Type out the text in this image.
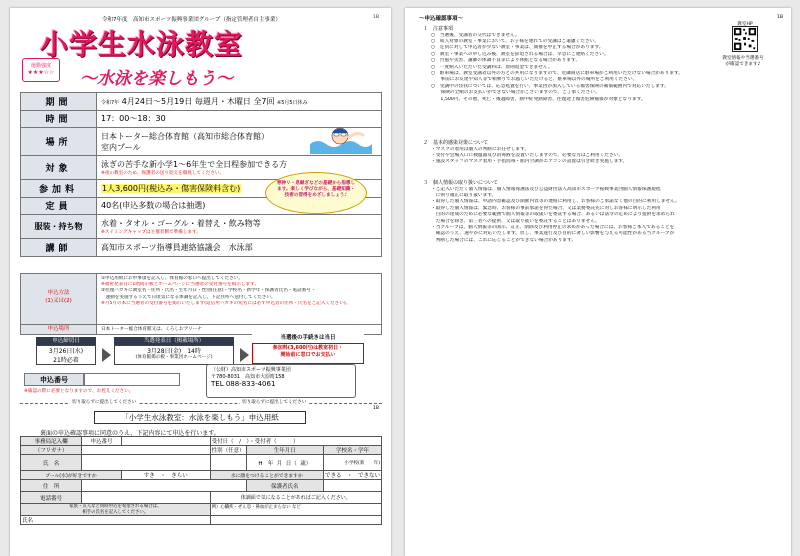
令和7年度　高知市スポーツ振興事業団グループ（指定管理者自主事業）	1B
小学生水泳教室
運動強度
★★★☆☆ ～水泳を楽しもう～
期間	令和7年 4月24日～5月19日 毎週月・木曜日 全7回 ※5月5日休み
時間	17：00～18：30
場所	日本トーター総合体育館（高知市総合体育館）
室内プール

対象	泳ぎの苦手な新小学1～6年生で全日程参加できる方
※夜の教室のため、保護者の送り迎えを徹底してください。

参加料	1人3,600円(税込み・傷害保険料含む)
定員	40名(申込多数の場合は抽選)
服装・持ち物	水着・タオル・ゴーグル・着替え・飲み物等
※スイミングキャップは主催者側で準備します。

講師	高知市スポーツ指導員連絡協議会　水泳部
寒神リ・息継ぎなどの基礎から指導します。楽しく学びながら、基礎知識・技術の習得をめざしましょう♪
申込方法
(1)又は(2)
①申込用紙にお申事項を記入し、体育館の窓口へ提出してください。
※福祉発表日に1階掲示板とホームページに当選者の受付番号を掲示します。
②往復ハガキに教室名・住所・氏名・生年月日・性別(任意)・学校名・新学年・保護者氏名・電話番号・
　運動を実施するうえで日頃気になる体調を記入し、下記住所へ送付してください。
※月5月の本に当選者の受付番号を掲示いたします(返信用ハガキの宛名には必ず申込者の住所・氏名をご記入ください)。
申込場所	日本トーター総合体育館又は、くろしおアリーナ
申込締切日
3月26日(水)
21時必着
当選発表日（掲載場所）
3月28日(金)　14時
(体育館掲示板・事業団ホームページ)
当選後の手続きは当日
参加料(3,600円)は教室初日・
開始前に窓口でお支払い
申込番号
※確認の際に必要となりますので、お控えください。
（公財）高知市スポーツ振興事業団
〒780-8031　高知市大原町158
TEL 088-833-4061
切り取らずに提出してください	切り取らずに提出してください
1B
「小学生水泳教室：水泳を楽しもう」申込用紙
裏面の申込確認事項に同意のうえ、下記内容にて申込を行います。
事務局記入欄	申込番号		受付日（　/　）・受付者（　　　）		
（フリガナ）			性別（任意）	生年月日	学校名・学年
氏　名				H 年 月 日（ 歳）	小学校(新　　年)
プール(水)が好きですか		すき　・　きらい	水に顔をつけることができますか		できる　・　できない
住　所				保護者氏名	
電話番号			体調面で気になることがあればご記入ください。		

家族・友人など同時申込を希望される場合は、
相手の氏名を記入してください。			例）心臓疾・ぜん息・鼻血が止まらない など		
氏名					
1B
～申込確認事項～
教室HP
教室情報や当選番号
が確認できます♪
１　注意事項
○　当選後、受講者の交代はできません。
○　成人対象の教室・事業において、お子様を連れての受講はご遠慮ください。
○　定員に対して申込者が少ない教室・事業は、開催を中止する場合があります。
○　教室・事業への申し込み後、教室を辞退される場合は、早急にご連絡ください。
○　台風や災害、講師の体調不良等により休館となる場合があります。
○　一度納入いただいた受講料は、原則返金できません。
○　駐車場は、教室受講者以外の方との共用になりますので、近隣商店に駐車場がご利用いただけない場合があります。
　　事前にお友達や知人等で相乗りでお越しいただけると、駐車場以外の場所をご利用ください。
○　受講中の怪我については、応急処置を行い、事業団が加入している傷害保険の補償範囲内で対応いたします。
　　保険の全額のお支払いができない場合がございますので、ご了承ください。
　　1,500円、その他、死亡・後遺障害、熱中症発熱障害、往復途上傷害危険補償が対象となります。
２　基本的感染対策について
・マスクの着用は個人の判断にお任せします。
・受付や会場入口に検温器及び消毒液を設置いたしますので、必要な方はご利用ください。
・施設スタッフのマスク着用・手指消毒・館内空調がエアコンの設置は引き続き実施します。
３　個人情報の取り扱いについて
・ご記入いただく個人情報は、個人情報保護法及び公益財団法人高知市スポーツ振興事業団個人情報保護規程
　に則り適正に取り扱います。
・取得した個人情報は、申請内容確認及び開催内容等の連絡に利用し、お客様のご承諾なく他の目的に利用しません。
・取得した個人情報は、緊急時、お客様の事前承諾を得た場合、又は業務委託先に対しお客様に明示した利用
　目的の達成のために必要な範囲で個人情報等の取扱いを委託する場合、あるいは法令の定めにより提供を求められ
　た場合を除き、第三者への提供、又は取り扱いを委託することはありません。
・当グループは、個人情報等の開示、訂正、削除及び利用停止の求めがあった場合には、お客様ご本人であることを
　確認のうえ、速やかに対応いたします。但し、事業遂行及び目的に著しい影響を与える可能性がある当グループが
　判断した場合には、これに応じることができない場合があります。
